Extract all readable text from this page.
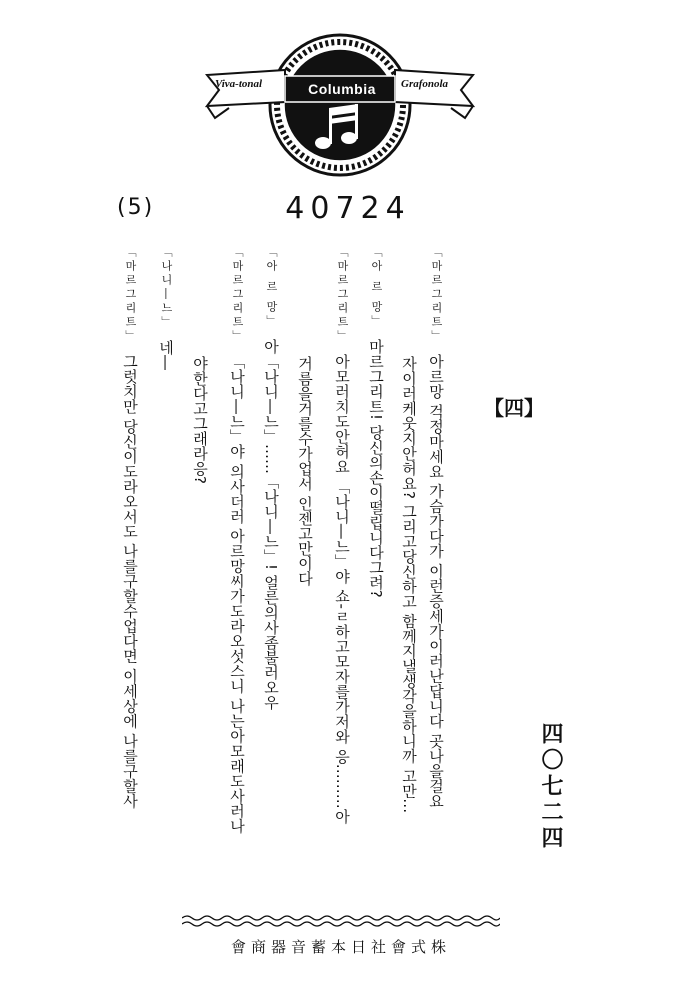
Viva-tonal	Columbia	Grafonola
(5)	40724
【四】
四〇七二四
「마르그리트」아르망 걱정마세요 가슴가다가 이런증세가이러난답니다 곳나을걸요
자이러케웃지안허요? 그리고당신하고 함께지낼생각을하니까 고만…
「아 르 망」마르그리트! 당신의손이떨립니다그려?
「마르그리트」아모러치도안허요 「나니―느」야 쇼-ㄹ하고모자를가저와 응………아
거름을거를수가업서 인젠고만이다
「아 르 망」아「나니―느」……「나니―느」! 얼른의사좀불러오우
「마르그리트」「나니―느」야 의사더러 아르망씨가도라오섯스니 나는아모래도사러나
야한다고그래라응?
「나니―느」네―
「마르그리트」그럿치만 당신이도라오서도 나를구할수업다면 이세상에 나를구할사
株式會社日本蓄音器商會
